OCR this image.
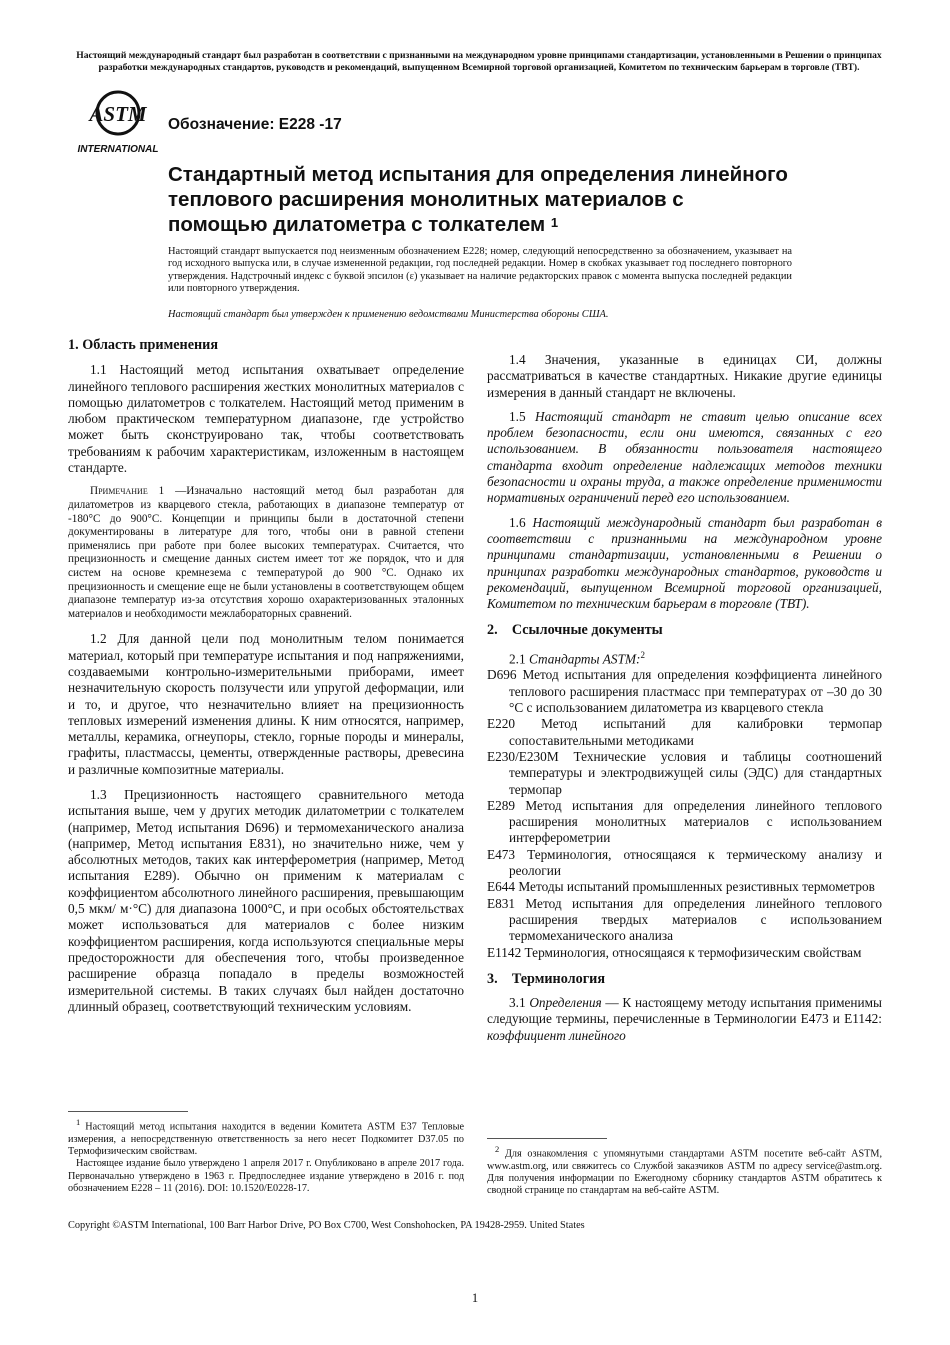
Настоящий международный стандарт был разработан в соответствии с признанными на международном уровне принципами стандартизации, установленными в Решении о принципах разработки международных стандартов, руководств и рекомендаций, выпущенном Всемирной торговой организацией, Комитетом по техническим барьерам в торговле (ТВТ).
ASTM
INTERNATIONAL
Обозначение: E228 -17
Стандартный метод испытания для определения линейного теплового расширения монолитных материалов с помощью дилатометра с толкателем $^1$
Настоящий стандарт выпускается под неизменным обозначением E228; номер, следующий непосредственно за обозначением, указывает на год исходного выпуска или, в случае измененной редакции, год последней редакции. Номер в скобках указывает год последнего повторного утверждения. Надстрочный индекс с буквой эпсилон (ε) указывает на наличие редакторских правок с момента выпуска последней редакции или повторного утверждения.
Настоящий стандарт был утвержден к применению ведомствами Министерства обороны США.
1. Область применения

1.1 Настоящий метод испытания охватывает определение линейного теплового расширения жестких монолитных материалов с помощью дилатометров с толкателем. Настоящий метод применим в любом практическом температурном диапазоне, где устройство может быть сконструировано так, чтобы соответствовать требованиям к рабочим характеристикам, изложенным в настоящем стандарте.

Примечание 1 —Изначально настоящий метод был разработан для дилатометров из кварцевого стекла, работающих в диапазоне температур от -180°C до 900°C. Концепции и принципы были в достаточной степени документированы в литературе для того, чтобы они в равной степени применялись при работе при более высоких температурах. Считается, что прецизионность и смещение данных систем имеет тот же порядок, что и для систем на основе кремнезема с температурой до 900 °C. Однако их прецизионность и смещение еще не были установлены в соответствующем общем диапазоне температур из-за отсутствия хорошо охарактеризованных эталонных материалов и необходимости межлабораторных сравнений.

1.2 Для данной цели под монолитным телом понимается материал, который при температуре испытания и под напряжениями, создаваемыми контрольно-измерительными приборами, имеет незначительную скорость ползучести или упругой деформации, или и то, и другое, что незначительно влияет на прецизионность тепловых измерений изменения длины. К ним относятся, например, металлы, керамика, огнеупоры, стекло, горные породы и минералы, графиты, пластмассы, цементы, отвержденные растворы, древесина и различные композитные материалы.

1.3 Прецизионность настоящего сравнительного метода испытания выше, чем у других методик дилатометрии с толкателем (например, Метод испытания D696) и термомеханического анализа (например, Метод испытания E831), но значительно ниже, чем у абсолютных методов, таких как интерферометрия (например, Метод испытания E289). Обычно он применим к материалам с коэффициентом абсолютного линейного расширения, превышающим 0,5 мкм/ м·°C) для диапазона 1000°C, и при особых обстоятельствах может использоваться для материалов с более низким коэффициентом расширения, когда используются специальные меры предосторожности для обеспечения того, чтобы произведенное расширение образца попадало в пределы возможностей измерительной системы. В таких случаях был найден достаточно длинный образец, соответствующий техническим условиям.

$^1$ Настоящий метод испытания находится в ведении Комитета ASTM E37 Тепловые измерения, а непосредственную ответственность за него несет Подкомитет D37.05 по Термофизическим свойствам.

Настоящее издание было утверждено 1 апреля 2017 г. Опубликовано в апреле 2017 года. Первоначально утверждено в 1963 г. Предпоследнее издание утверждено в 2016 г. под обозначением E228 – 11 (2016). DOI: 10.1520/E0228-17.

1.4 Значения, указанные в единицах СИ, должны рассматриваться в качестве стандартных. Никакие другие единицы измерения в данный стандарт не включены.

1.5 Настоящий стандарт не ставит целью описание всех проблем безопасности, если они имеются, связанных с его использованием. В обязанности пользователя настоящего стандарта входит определение надлежащих методов техники безопасности и охраны труда, а также определение применимости нормативных ограничений перед его использованием.

1.6 Настоящий международный стандарт был разработан в соответствии с признанными на международном уровне принципами стандартизации, установленными в Решении о принципах разработки международных стандартов, руководств и рекомендаций, выпущенном Всемирной торговой организацией, Комитетом по техническим барьерам в торговле (ТВТ).

2.    Ссылочные документы

2.1 Стандарты ASTM:$^2$

D696 Метод испытания для определения коэффициента линейного теплового расширения пластмасс при температурах от –30 до 30 °C с использованием дилатометра из кварцевого стекла

E220 Метод испытаний для калибровки термопар сопоставительными методиками

E230/E230M Технические условия и таблицы соотношений температуры и электродвижущей силы (ЭДС) для стандартных термопар

E289 Метод испытания для определения линейного теплового расширения монолитных материалов с использованием интерферометрии

E473 Терминология, относящаяся к термическому анализу и реологии

E644 Методы испытаний промышленных резистивных термометров

E831 Метод испытания для определения линейного теплового расширения твердых материалов с использованием термомеханического анализа

E1142 Терминология, относящаяся к термофизическим свойствам

3.    Терминология

3.1 Определения — К настоящему методу испытания применимы следующие термины, перечисленные в Терминологии E473 и E1142: коэффициент линейного

$^2$ Для ознакомления с упомянутыми стандартами ASTM посетите веб-сайт ASTM, www.astm.org, или свяжитесь со Службой заказчиков ASTM по адресу service@astm.org. Для получения информации по Ежегодному сборнику стандартов ASTM обратитесь к сводной странице по стандартам на веб-сайте ASTM.

Copyright ©ASTM International, 100 Barr Harbor Drive, PO Box C700, West Conshohocken, PA 19428-2959. United States
1
